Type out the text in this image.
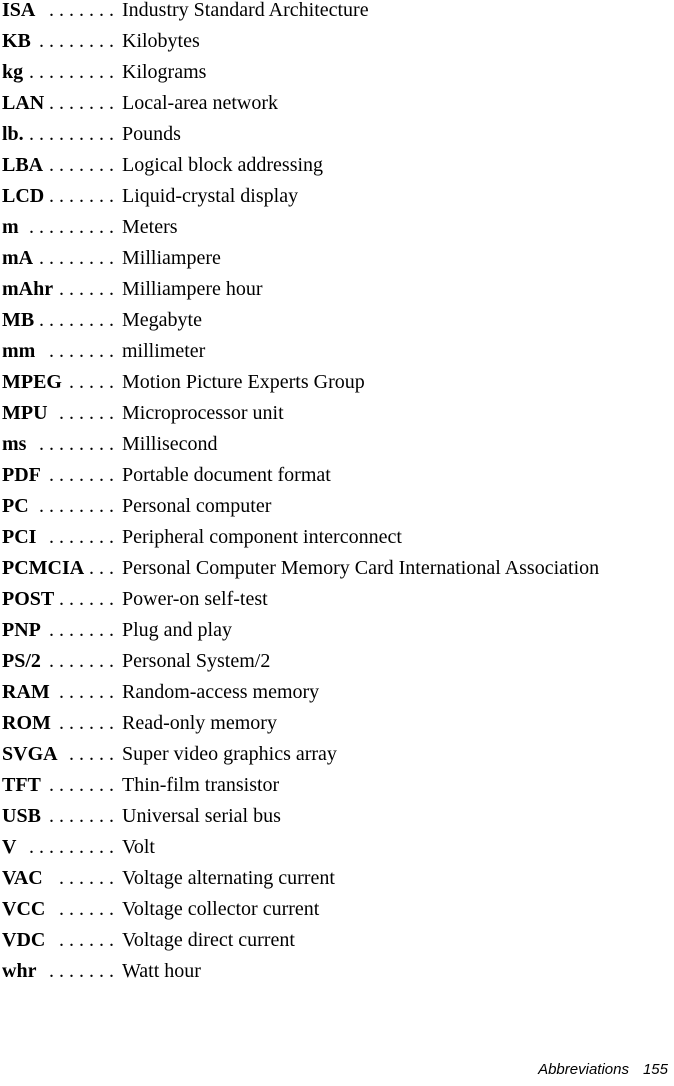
ISA . . . . . . . Industry Standard Architecture
KB . . . . . . . . Kilobytes
kg . . . . . . . . . Kilograms
LAN . . . . . . . Local-area network
lb. . . . . . . . . . Pounds
LBA . . . . . . . Logical block addressing
LCD . . . . . . . Liquid-crystal display
m . . . . . . . . . Meters
mA . . . . . . . . Milliampere
mAhr . . . . . . Milliampere hour
MB . . . . . . . . Megabyte
mm . . . . . . . millimeter
MPEG . . . . . Motion Picture Experts Group
MPU . . . . . . Microprocessor unit
ms . . . . . . . . Millisecond
PDF . . . . . . . Portable document format
PC . . . . . . . . Personal computer
PCI . . . . . . . Peripheral component interconnect
PCMCIA . . . Personal Computer Memory Card International Association
POST . . . . . . Power-on self-test
PNP . . . . . . . Plug and play
PS/2 . . . . . . . Personal System/2
RAM . . . . . . Random-access memory
ROM . . . . . . Read-only memory
SVGA . . . . . Super video graphics array
TFT . . . . . . . Thin-film transistor
USB . . . . . . . Universal serial bus
V . . . . . . . . . Volt
VAC . . . . . . Voltage alternating current
VCC . . . . . . Voltage collector current
VDC . . . . . . Voltage direct current
whr . . . . . . . Watt hour
Abbreviations 155
